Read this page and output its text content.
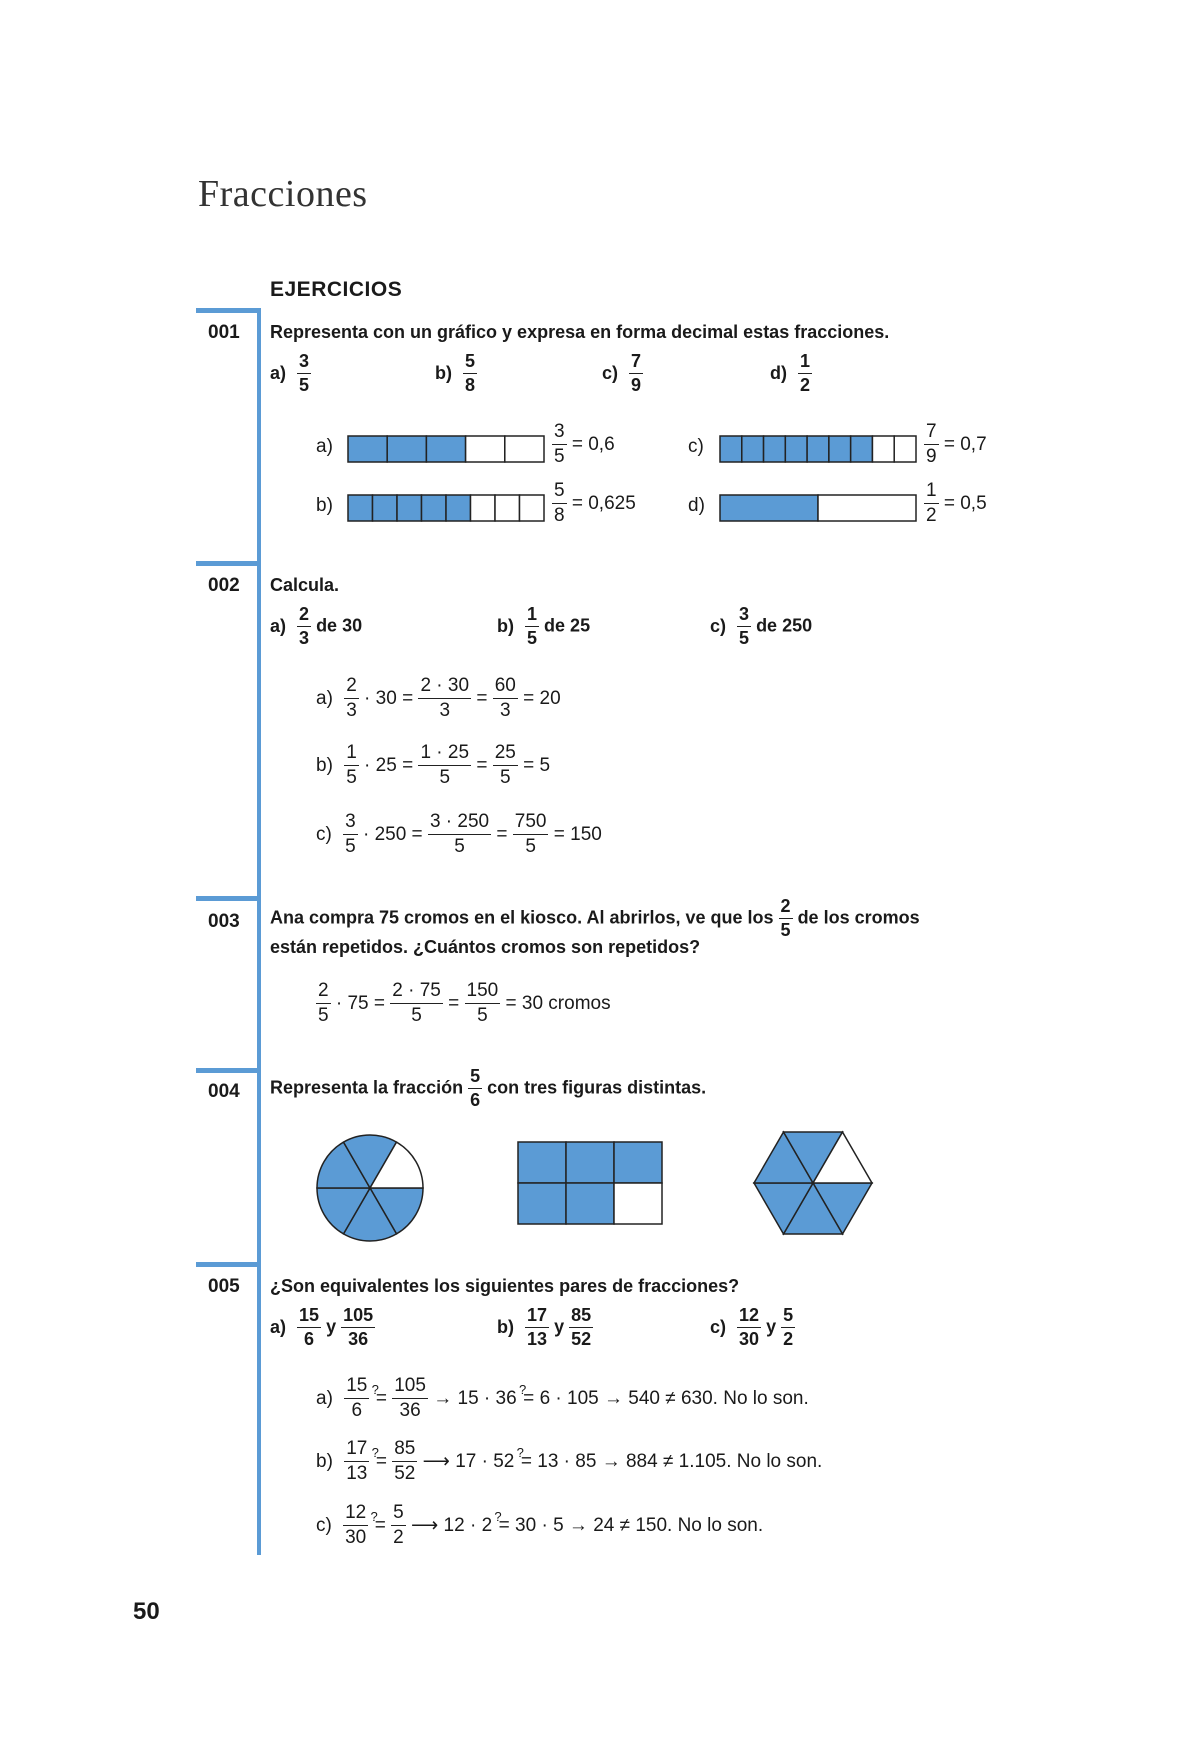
Fracciones
EJERCICIOS
001 Representa con un gráfico y expresa en forma decimal estas fracciones.
$a) \frac{3}{5}$	$b) \frac{5}{8}$	$c) \frac{7}{9}$	$d) \frac{1}{2}$
a)	$\frac{3}{5} = 0,6$
b)	$\frac{5}{8} = 0,625$
c)	$\frac{7}{9} = 0,7$
d)	$\frac{1}{2} = 0,5$
002 Calcula.
$a) \frac{2}{3}$ de 30	$b) \frac{1}{5}$ de 25	$c) \frac{3}{5}$ de 250
$a) \frac{2}{3} \cdot 30 = \frac{2 \cdot 30}{3} = \frac{60}{3} = 20$
$b) \frac{1}{5} \cdot 25 = \frac{1 \cdot 25}{5} = \frac{25}{5} = 5$
$c) \frac{3}{5} \cdot 250 = \frac{3 \cdot 250}{5} = \frac{750}{5} = 150$
003 Ana compra 75 cromos en el kiosco. Al abrirlos, ve que los $\frac{2}{5}$ de los cromos
están repetidos. ¿Cuántos cromos son repetidos?
$\frac{2}{5} \cdot 75 = \frac{2 \cdot 75}{5} = \frac{150}{5} = 30$ cromos
004 Representa la fracción $\frac{5}{6}$ con tres figuras distintas.
005 ¿Son equivalentes los siguientes pares de fracciones?
$a) \frac{15}{6}$ y $\frac{105}{36}$	$b) \frac{17}{13}$ y $\frac{85}{52}$	$c) \frac{12}{30}$ y $\frac{5}{2}$
$a) \frac{15}{6} ^?= \frac{105}{36} \to 15 \cdot 36$ ?= 6 · 105 → 540 ≠ 630. No lo son.
$b) \frac{17}{13} ^?= \frac{85}{52}$ ⟶ 17 · 52 ?= 13 · 85 → 884 ≠ 1.105. No lo son.
$c) \frac{12}{30} ^?= \frac{5}{2}$ ⟶ 12 · 2 ?= 30 · 5 → 24 ≠ 150. No lo son.
50
